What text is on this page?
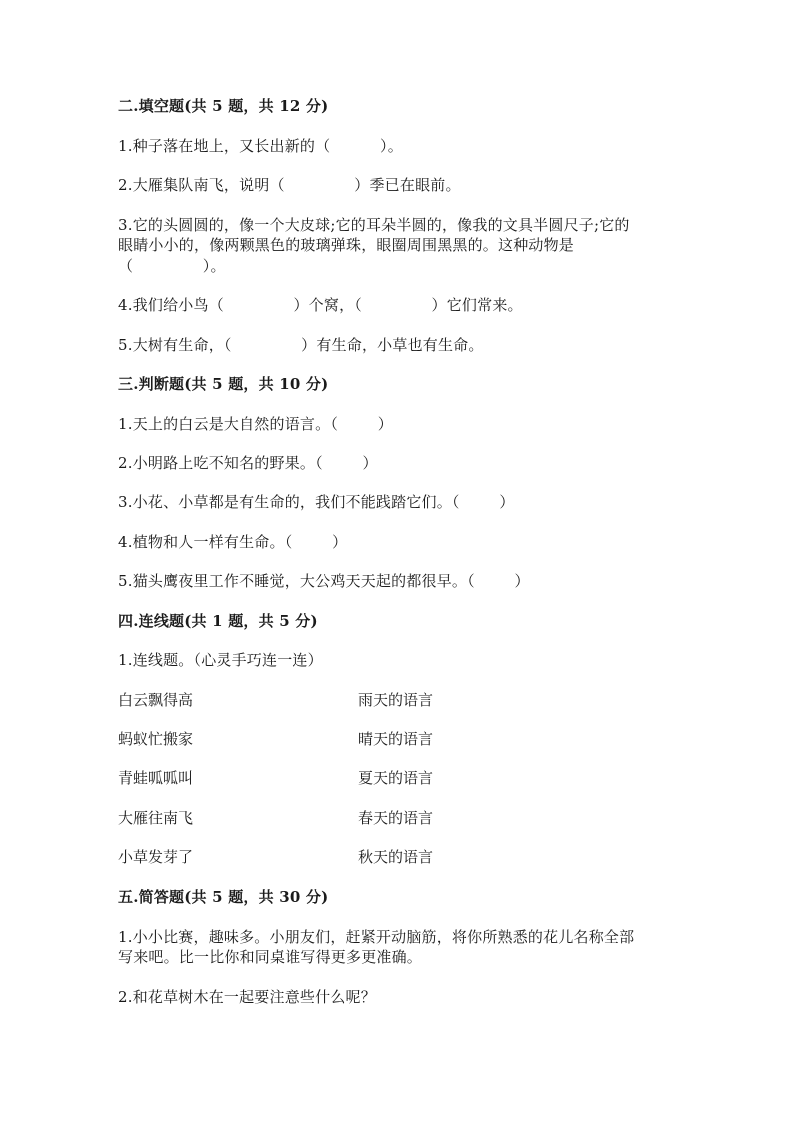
二.填空题(共 5 题，共 12 分)
1.种子落在地上，又长出新的（          ）。
2.大雁集队南飞，说明（              ）季已在眼前。
3.它的头圆圆的，像一个大皮球;它的耳朵半圆的，像我的文具半圆尺子;它的
眼睛小小的，像两颗黑色的玻璃弹珠，眼圈周围黑黑的。这种动物是
（              ）。
4.我们给小鸟（              ）个窝，（              ）它们常来。
5.大树有生命，（              ）有生命，小草也有生命。
三.判断题(共 5 题，共 10 分)
1.天上的白云是大自然的语言。（        ）
2.小明路上吃不知名的野果。（        ）
3.小花、小草都是有生命的，我们不能践踏它们。（        ）
4.植物和人一样有生命。（        ）
5.猫头鹰夜里工作不睡觉，大公鸡天天起的都很早。（        ）
四.连线题(共 1 题，共 5 分)
1.连线题。（心灵手巧连一连）
白云飘得高	雨天的语言
蚂蚁忙搬家	晴天的语言
青蛙呱呱叫	夏天的语言
大雁往南飞	春天的语言
小草发芽了	秋天的语言
五.简答题(共 5 题，共 30 分)
1.小小比赛，趣味多。小朋友们，赶紧开动脑筋，将你所熟悉的花儿名称全部
写来吧。比一比你和同桌谁写得更多更准确。
2.和花草树木在一起要注意些什么呢？
